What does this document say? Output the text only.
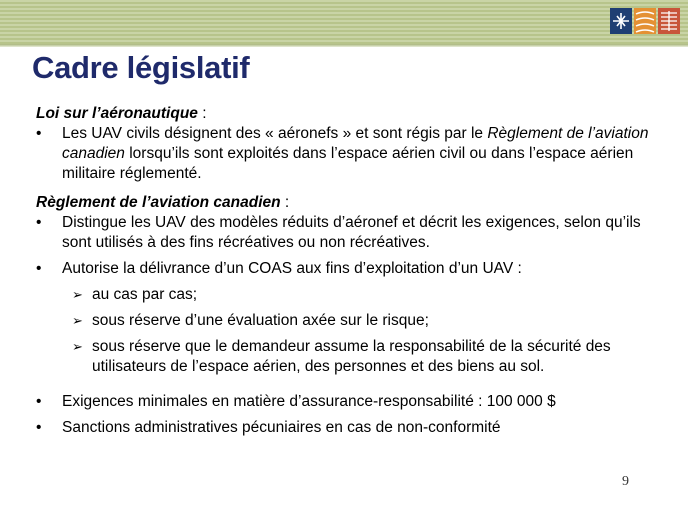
Cadre législatif
Loi sur l’aéronautique :
• Les UAV civils désignent des « aéronefs » et sont régis par le Règlement de l’aviation canadien lorsqu’ils sont exploités dans l’espace aérien civil ou dans l’espace aérien militaire réglementé.
Règlement de l’aviation canadien :
• Distingue les UAV des modèles réduits d’aéronef et décrit les exigences, selon qu’ils sont utilisés à des fins récréatives ou non récréatives.
• Autorise la délivrance d’un COAS aux fins d’exploitation d’un UAV :
➢ au cas par cas;
➢ sous réserve d’une évaluation axée sur le risque;
➢ sous réserve que le demandeur assume la responsabilité de la sécurité des utilisateurs de l’espace aérien, des personnes et des biens au sol.
• Exigences minimales en matière d’assurance-responsabilité : 100 000 $
• Sanctions administratives pécuniaires en cas de non-conformité
9
